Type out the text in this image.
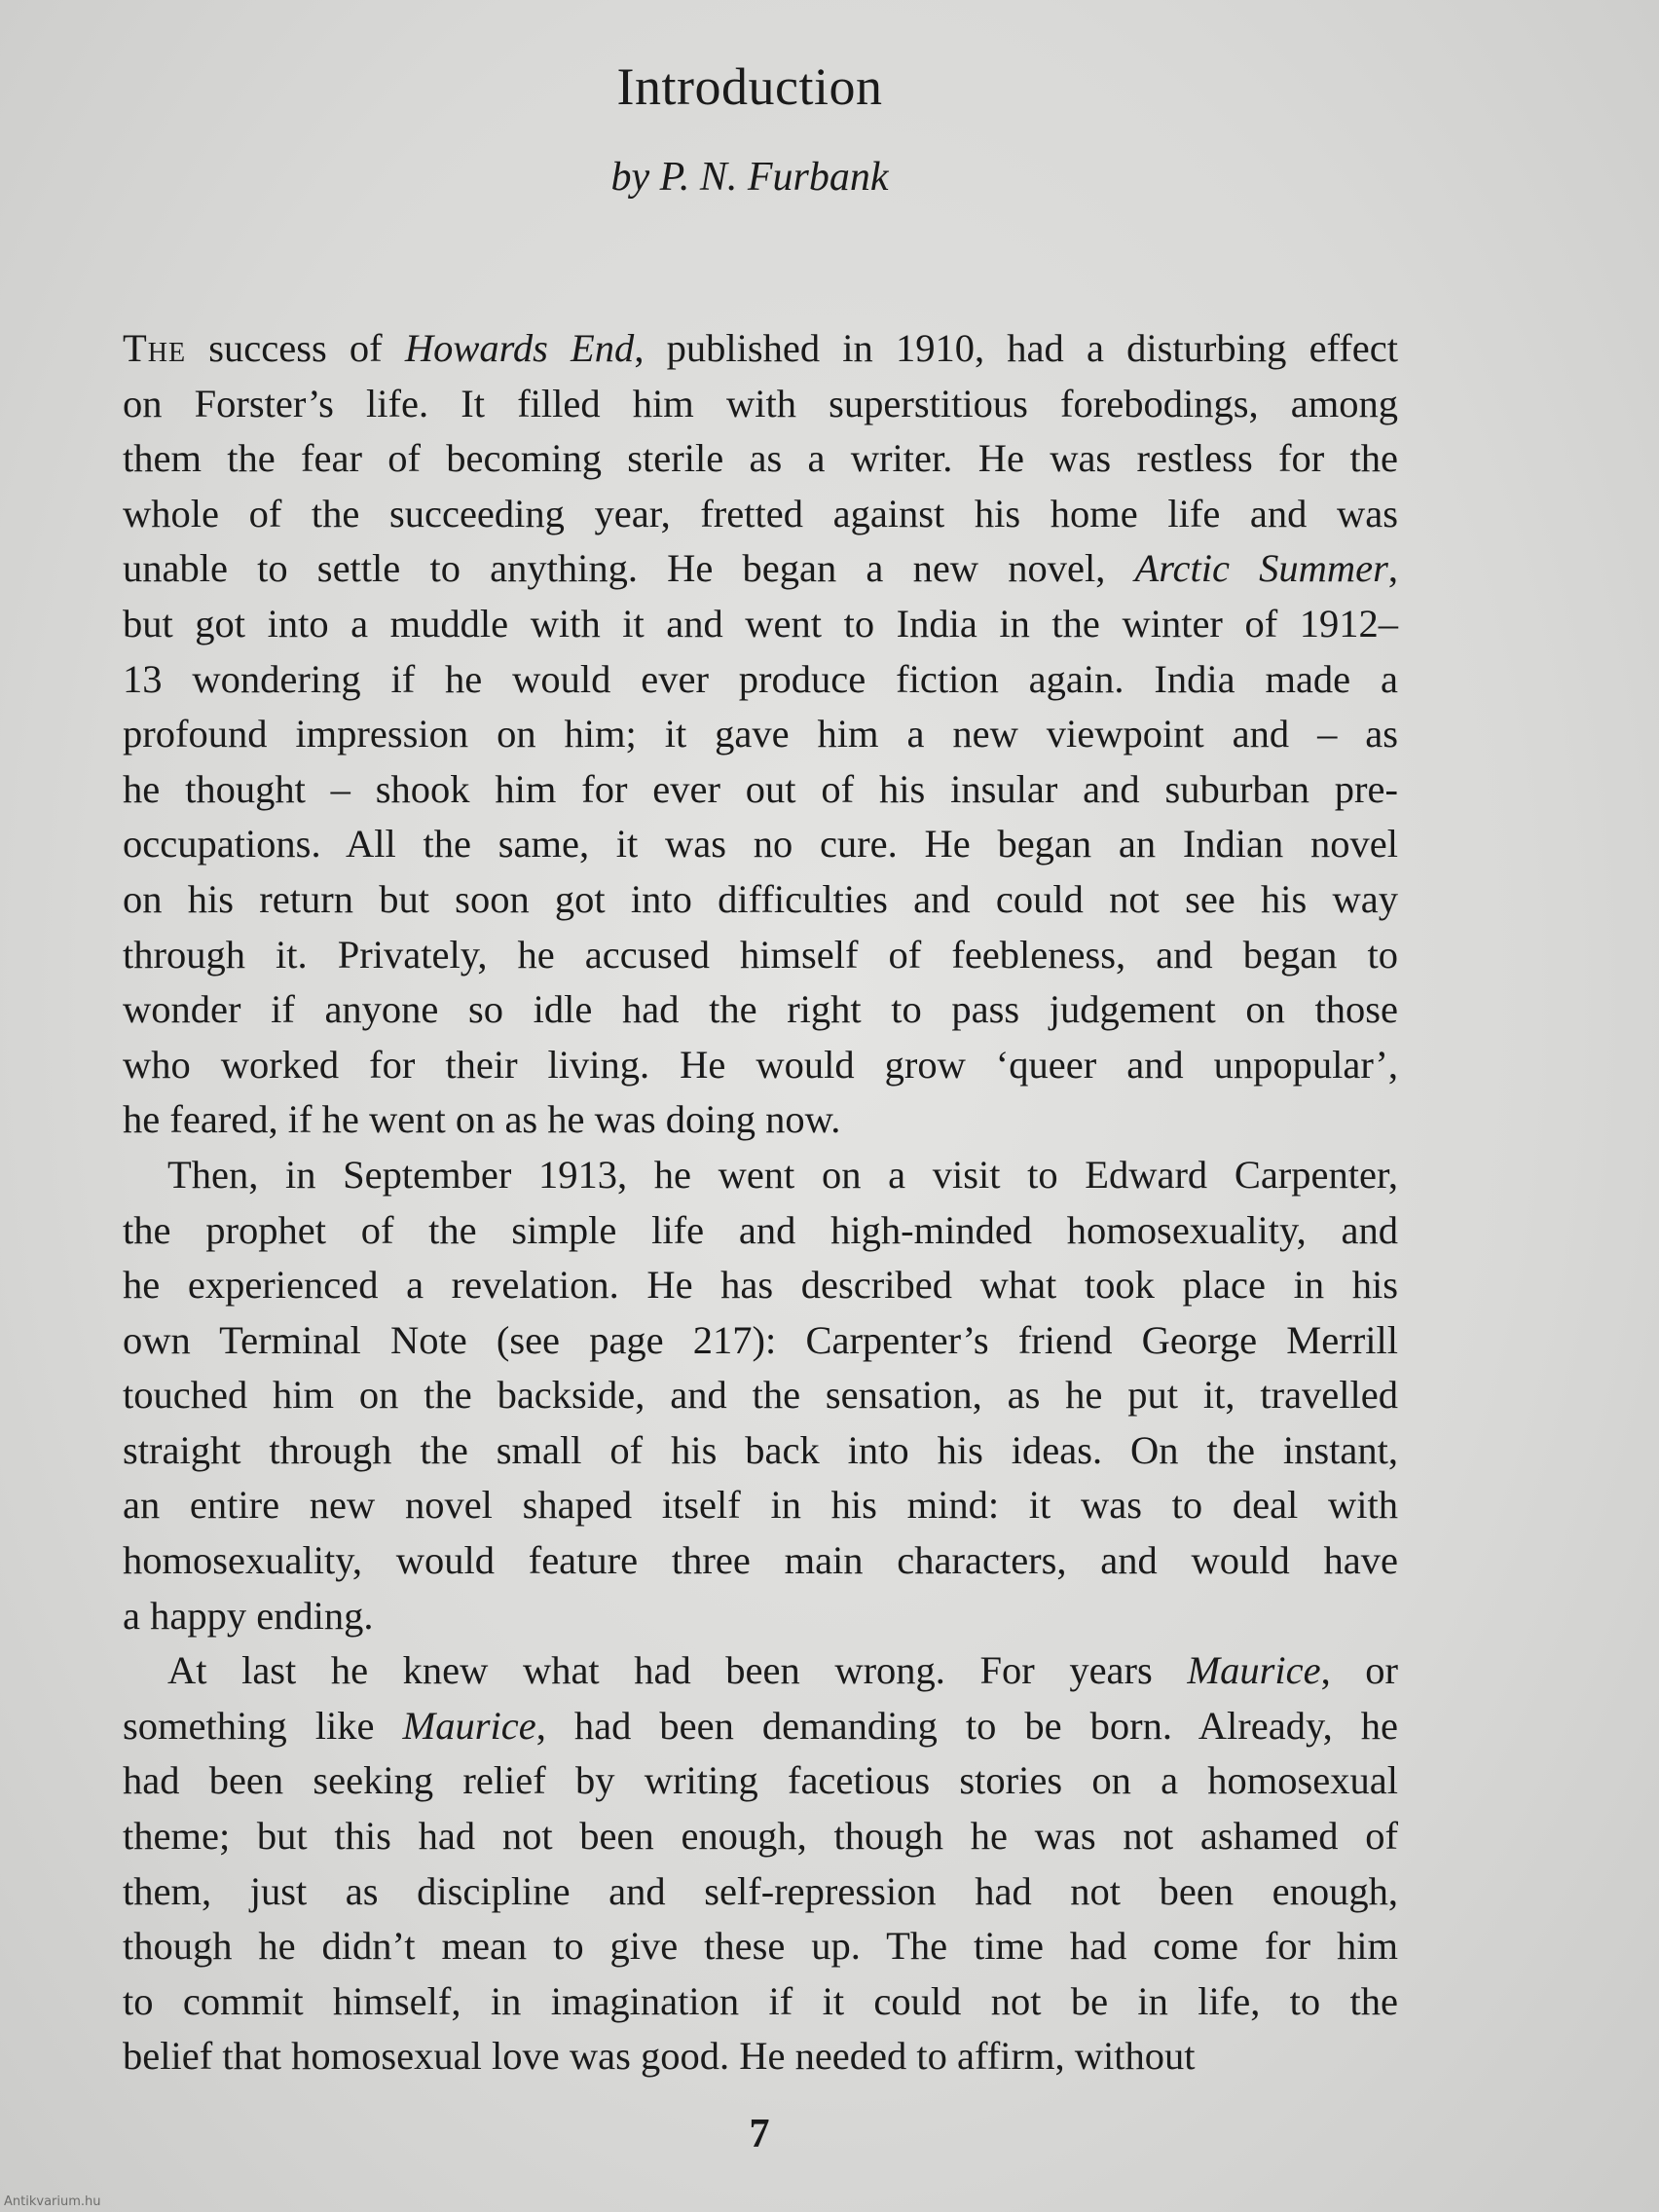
Introduction
by P. N. Furbank
The success of Howards End, published in 1910, had a disturbing effect
on Forster’s life. It filled him with superstitious forebodings, among
them the fear of becoming sterile as a writer. He was restless for the
whole of the succeeding year, fretted against his home life and was
unable to settle to anything. He began a new novel, Arctic Summer,
but got into a muddle with it and went to India in the winter of 1912–
13 wondering if he would ever produce fiction again. India made a
profound impression on him; it gave him a new viewpoint and – as
he thought – shook him for ever out of his insular and suburban pre-
occupations. All the same, it was no cure. He began an Indian novel
on his return but soon got into difficulties and could not see his way
through it. Privately, he accused himself of feebleness, and began to
wonder if anyone so idle had the right to pass judgement on those
who worked for their living. He would grow ‘queer and unpopular’,
he feared, if he went on as he was doing now.
Then, in September 1913, he went on a visit to Edward Carpenter,
the prophet of the simple life and high-minded homosexuality, and
he experienced a revelation. He has described what took place in his
own Terminal Note (see page 217): Carpenter’s friend George Merrill
touched him on the backside, and the sensation, as he put it, travelled
straight through the small of his back into his ideas. On the instant,
an entire new novel shaped itself in his mind: it was to deal with
homosexuality, would feature three main characters, and would have
a happy ending.
At last he knew what had been wrong. For years Maurice, or
something like Maurice, had been demanding to be born. Already, he
had been seeking relief by writing facetious stories on a homosexual
theme; but this had not been enough, though he was not ashamed of
them, just as discipline and self-repression had not been enough,
though he didn’t mean to give these up. The time had come for him
to commit himself, in imagination if it could not be in life, to the
belief that homosexual love was good. He needed to affirm, without
7
Antikvarium.hu
